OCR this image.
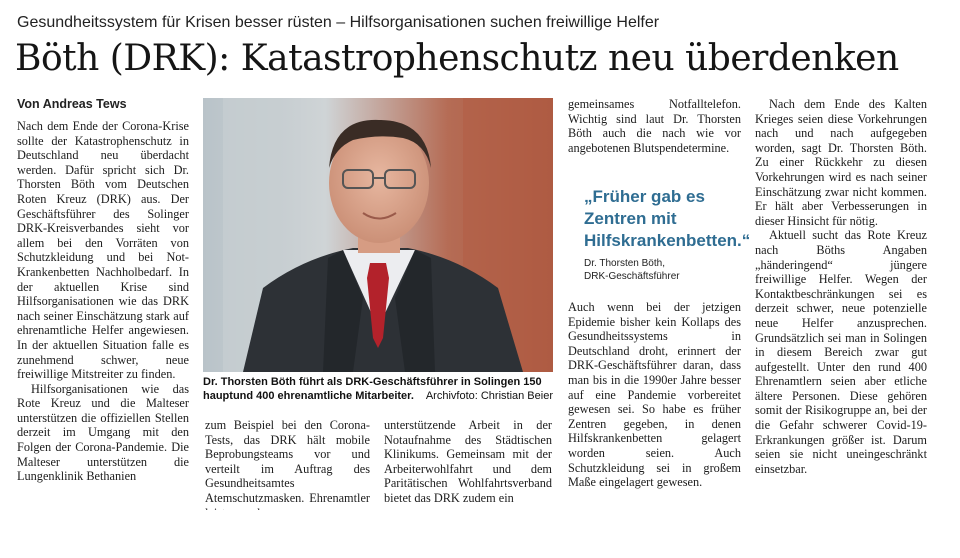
Gesundheitssystem für Krisen besser rüsten – Hilfsorganisationen suchen freiwillige Helfer
Böth (DRK): Katastrophenschutz neu überdenken
Von Andreas Tews

Nach dem Ende der Corona-Krise sollte der Katastrophenschutz in Deutschland neu überdacht werden. Dafür spricht sich Dr. Thorsten Böth vom Deutschen Roten Kreuz (DRK) aus. Der Geschäftsführer des Solinger DRK-Kreisverbandes sieht vor allem bei den Vorräten von Schutzkleidung und bei Not-Krankenbetten Nachholbedarf. In der aktuellen Krise sind Hilfsorganisationen wie das DRK nach seiner Einschätzung stark auf ehrenamtliche Helfer angewiesen. In der aktuellen Situation falle es zunehmend schwer, neue freiwillige Mitstreiter zu finden.

Hilfsorganisationen wie das Rote Kreuz und die Malteser unterstützen die offiziellen Stellen derzeit im Umgang mit den Folgen der Corona-Pandemie. Die Malteser unterstützen die Lungenklinik Bethanien

Dr. Thorsten Böth führt als DRK-Geschäftsführer in Solingen 150 hauptund 400 ehrenamtliche Mitarbeiter. Archivfoto: Christian Beier

zum Beispiel bei den Corona-Tests, das DRK hält mobile Beprobungsteams vor und verteilt im Auftrag des Gesundheitsamtes Atemschutzmasken. Ehrenamtler

unterstützende Arbeit in der Notaufnahme des Städtischen Klinikums. Gemeinsam mit der Arbeiterwohlfahrt und dem Paritätischen Wohlfahrtsverband bietet das DRK zudem ein

gemeinsames Notfalltelefon. Wichtig sind laut Dr. Thorsten Böth auch die nach wie vor angebotenen Blutspendetermine.

„Früher gab es Zentren mit Hilfskrankenbetten.“
Dr. Thorsten Böth,
DRK-Geschäftsführer

Auch wenn bei der jetzigen Epidemie bisher kein Kollaps des Gesundheitssystems in Deutschland droht, erinnert der DRK-Geschäftsführer daran, dass man bis in die 1990er Jahre besser auf eine Pandemie vorbereitet gewesen sei. So habe es früher Zentren gegeben, in denen Hilfskrankenbetten gelagert worden seien. Auch Schutzkleidung sei in großem Maße eingelagert gewesen.

Nach dem Ende des Kalten Krieges seien diese Vorkehrungen nach und nach aufgegeben worden, sagt Dr. Thorsten Böth. Zu einer Rückkehr zu diesen Vorkehrungen wird es nach seiner Einschätzung zwar nicht kommen. Er hält aber Verbesserungen in dieser Hinsicht für nötig.

Aktuell sucht das Rote Kreuz nach Böths Angaben „händeringend“ jüngere freiwillige Helfer. Wegen der Kontaktbeschränkungen sei es derzeit schwer, neue potenzielle neue Helfer anzusprechen. Grundsätzlich sei man in Solingen in diesem Bereich zwar gut aufgestellt. Unter den rund 400 Ehrenamtlern seien aber etliche ältere Personen. Diese gehören somit der Risikogruppe an, bei der die Gefahr schwerer Covid-19-Erkrankungen größer ist. Darum seien sie nicht uneingeschränkt einsetzbar.
